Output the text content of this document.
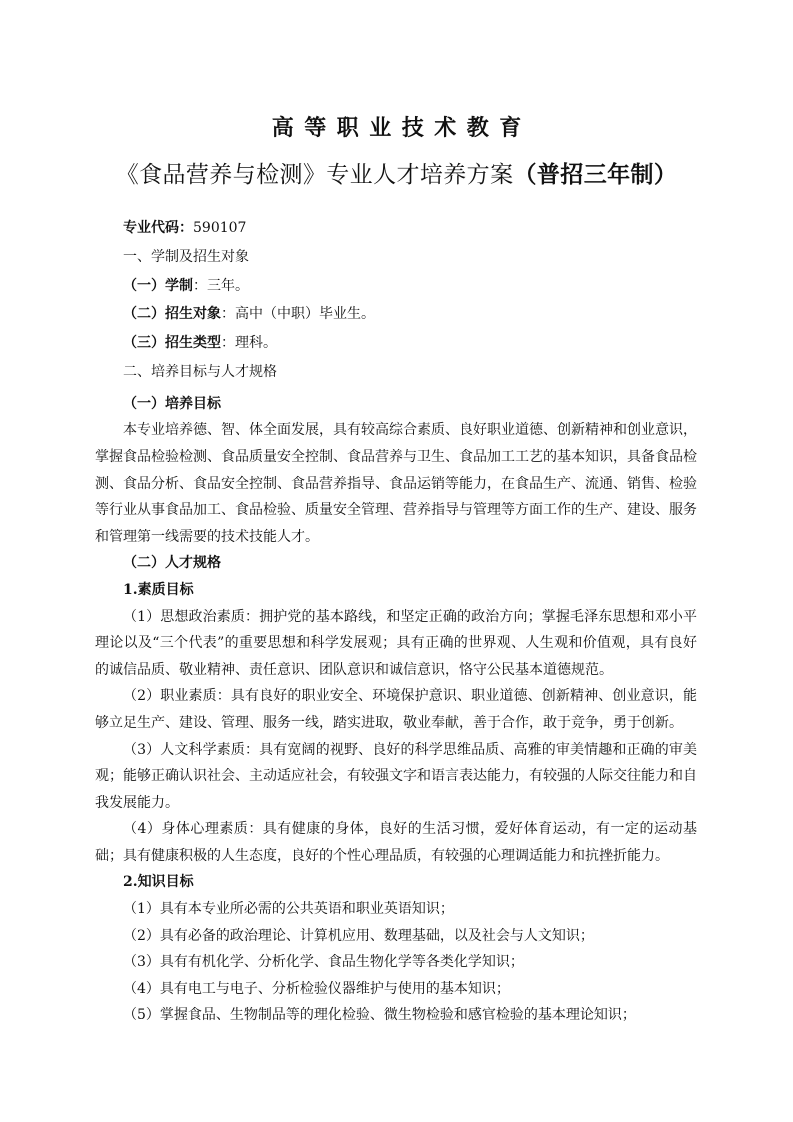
高等职业技术教育
《食品营养与检测》专业人才培养方案（普招三年制）
专业代码：590107
一、学制及招生对象
（一）学制：三年。
（二）招生对象：高中（中职）毕业生。
（三）招生类型：理科。
二、培养目标与人才规格
（一）培养目标

本专业培养德、智、体全面发展，具有较高综合素质、良好职业道德、创新精神和创业意识，掌握食品检验检测、食品质量安全控制、食品营养与卫生、食品加工工艺的基本知识，具备食品检测、食品分析、食品安全控制、食品营养指导、食品运销等能力，在食品生产、流通、销售、检验等行业从事食品加工、食品检验、质量安全管理、营养指导与管理等方面工作的生产、建设、服务和管理第一线需要的技术技能人才。

（二）人才规格
1.素质目标

（1）思想政治素质：拥护党的基本路线，和坚定正确的政治方向；掌握毛泽东思想和邓小平理论以及“三个代表”的重要思想和科学发展观；具有正确的世界观、人生观和价值观，具有良好的诚信品质、敬业精神、责任意识、团队意识和诚信意识，恪守公民基本道德规范。

（2）职业素质：具有良好的职业安全、环境保护意识、职业道德、创新精神、创业意识，能够立足生产、建设、管理、服务一线，踏实进取，敬业奉献，善于合作，敢于竞争，勇于创新。

（3）人文科学素质：具有宽阔的视野、良好的科学思维品质、高雅的审美情趣和正确的审美观；能够正确认识社会、主动适应社会，有较强文字和语言表达能力，有较强的人际交往能力和自我发展能力。

（4）身体心理素质：具有健康的身体，良好的生活习惯，爱好体育运动，有一定的运动基础；具有健康积极的人生态度，良好的个性心理品质，有较强的心理调适能力和抗挫折能力。

2.知识目标

（1）具有本专业所必需的公共英语和职业英语知识；

（2）具有必备的政治理论、计算机应用、数理基础，以及社会与人文知识；

（3）具有有机化学、分析化学、食品生物化学等各类化学知识；

（4）具有电工与电子、分析检验仪器维护与使用的基本知识；

（5）掌握食品、生物制品等的理化检验、微生物检验和感官检验的基本理论知识；
